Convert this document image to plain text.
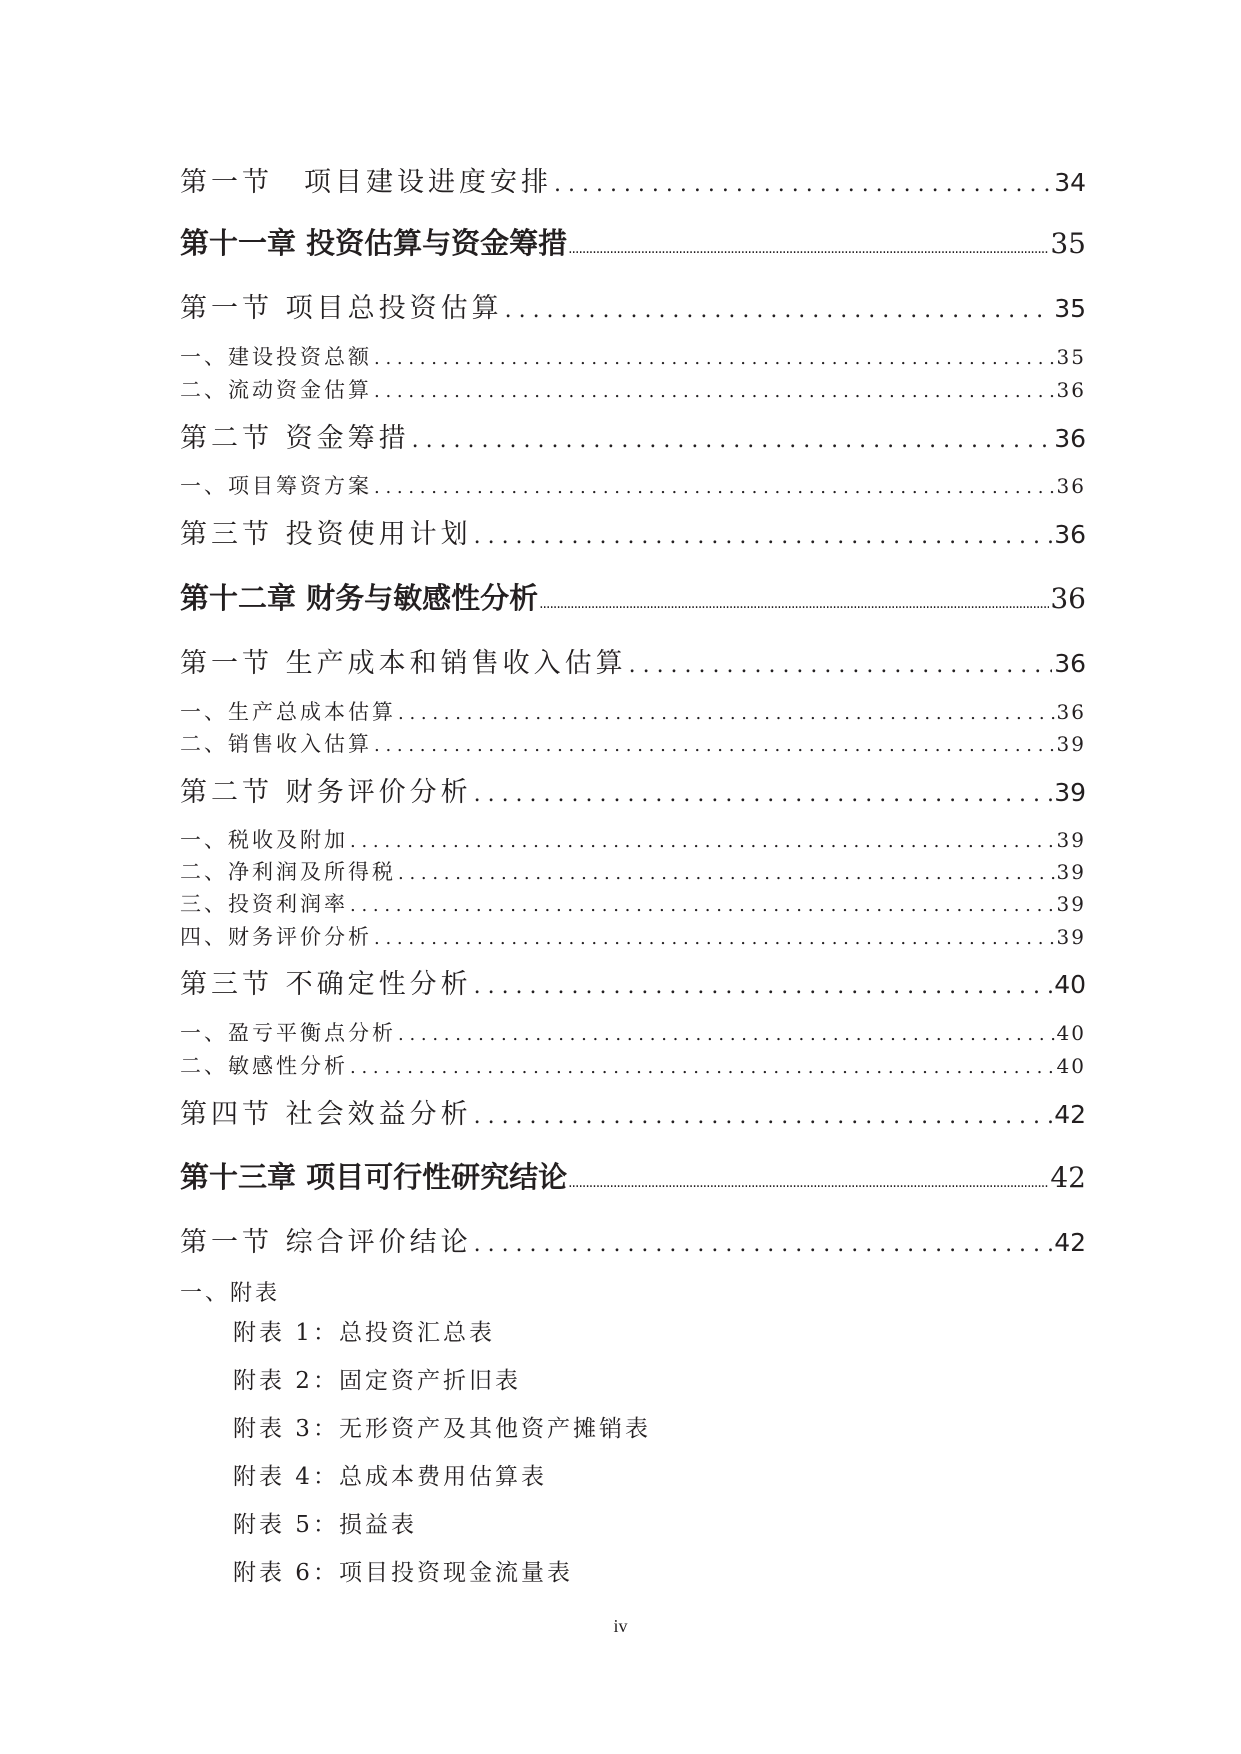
第一节　项目建设进度安排 . . .	34
第十一章 投资估算与资金筹措 .....	35
第一节 项目总投资估算 . . .	35
一、建设投资总额 . . .	35
二、流动资金估算 . . .	36
第二节 资金筹措 . . .	36
一、项目筹资方案 . . .	36
第三节 投资使用计划 . . .	36
第十二章 财务与敏感性分析 .....	36
第一节 生产成本和销售收入估算 . . .	36
一、生产总成本估算 . . .	36
二、销售收入估算 . . .	39
第二节 财务评价分析 . . .	39
一、税收及附加 . . .	39
二、净利润及所得税 . . .	39
三、投资利润率 . . .	39
四、财务评价分析 . . .	39
第三节 不确定性分析 . . .	40
一、盈亏平衡点分析 . . .	40
二、敏感性分析 . . .	40
第四节 社会效益分析 . . .	42
第十三章 项目可行性研究结论 .....	42
第一节 综合评价结论 . . .	42
一、附表
附表 1：总投资汇总表
附表 2：固定资产折旧表
附表 3：无形资产及其他资产摊销表
附表 4：总成本费用估算表
附表 5：损益表
附表 6：项目投资现金流量表
iv
